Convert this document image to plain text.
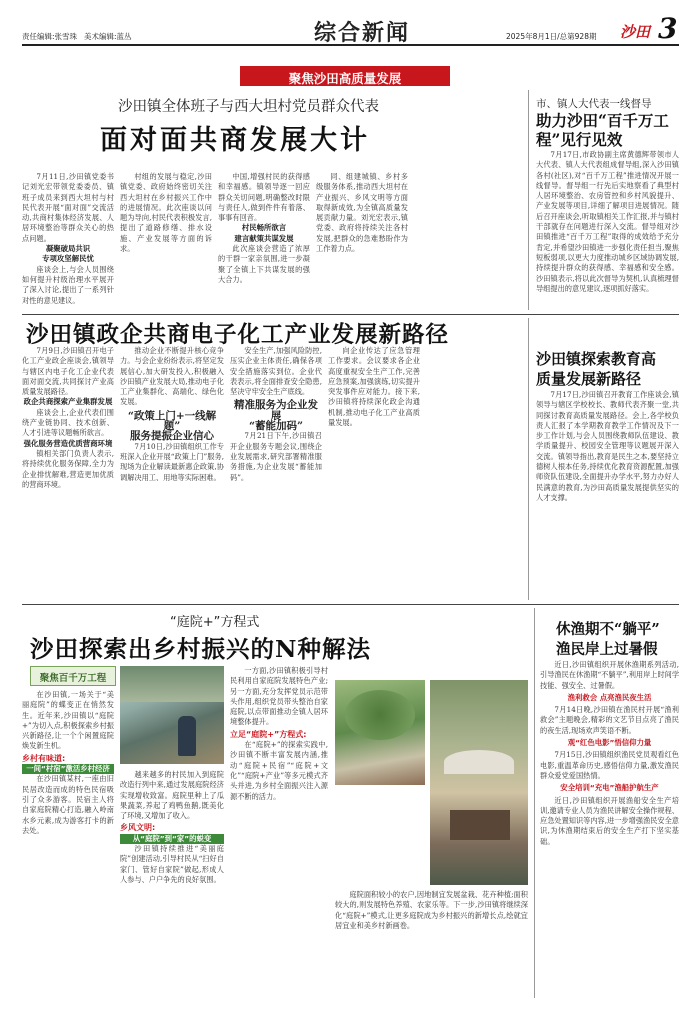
责任编辑:张雪珠 美术编辑:蓝丛	综合新闻	2025年8月1日/总第928期 沙田 3
聚焦沙田高质量发展
沙田镇全体班子与西大坦村党员群众代表
面对面共商发展大计

7月11日,沙田镇党委书记刘光宏带领党委委员、镇班子成员来到西大坦村与村民代表开展“面对面”交流活动,共商村集体经济发展、人居环境整治等群众关心的热点问题。

凝聚破局共识
专项攻坚解民忧

座谈会上,与会人员围绕如何提升村级治理水平展开了深入讨论,提出了一系列针对性的意见建议。

村组的发展与稳定,沙田镇党委、政府始终密切关注西大坦村在乡村振兴工作中的进展情况。此次座谈以问题为导向,村民代表积极发言,提出了道路修缮、排水设施、产业发展等方面的诉求。

中国,增强村民的获得感和幸福感。镇领导逐一回应群众关切问题,明确整改时限与责任人,做到件件有着落、事事有回音。

村民畅所欲言
建言献策共谋发展

此次座谈会营造了浓厚的干群一家亲氛围,进一步凝聚了全镇上下共谋发展的强大合力。

同、组建城镇、乡村多级服务体系,推动西大坦村在产业振兴、乡风文明等方面取得新成效,为全镇高质量发展贡献力量。刘光宏表示,镇党委、政府将持续关注各村发展,把群众的急难愁盼作为工作着力点。

市、镇人大代表一线督导
助力沙田“百千万工
程”见行见效

7月17日,市政协副主席黄德辉带领市人大代表、镇人大代表组成督导组,深入沙田镇各村(社区),对“百千万工程”推进情况开展一线督导。督导组一行先后实地察看了典型村人居环境整治、农房管控和乡村风貌提升、产业发展等项目,详细了解项目进展情况。随后召开座谈会,听取镇相关工作汇报,并与镇村干部就存在问题进行深入交流。督导组对沙田镇推进“百千万工程”取得的成效给予充分肯定,并希望沙田镇进一步强化责任担当,聚焦短板弱项,以更大力度推动城乡区域协调发展,持续提升群众的获得感、幸福感和安全感。沙田镇表示,将以此次督导为契机,认真梳理督导组提出的意见建议,逐项抓好落实。

沙田镇政企共商电子化工产业发展新路径

7月9日,沙田镇召开电子化工产业政企座谈会,镇领导与辖区内电子化工企业代表面对面交流,共同探讨产业高质量发展路径。

政企共商探索产业集群发展

座谈会上,企业代表们围绕产业链协同、技术创新、人才引进等议题畅所欲言。

强化服务营造优质营商环境

镇相关部门负责人表示,将持续优化服务保障,全力为企业排忧解难,营造更加优质的营商环境。

推动企业不断提升核心竞争力。与会企业纷纷表示,将坚定发展信心,加大研发投入,积极融入沙田镇产业发展大局,推动电子化工产业集群化、高端化、绿色化发展。

“政策上门+一线解题”
服务提振企业信心

7月10日,沙田镇组织工作专班深入企业开展“政策上门”服务,现场为企业解读最新惠企政策,协调解决用工、用地等实际困难。

安全生产,加强风险防控,压实企业主体责任,确保各项安全措施落实到位。企业代表表示,将全面排查安全隐患,坚决守牢安全生产底线。

精准服务为企业发展
“蓄能加码”

7月21日下午,沙田镇召开企业服务专题会议,围绕企业发展需求,研究部署精准服务措施,为企业发展“蓄能加码”。

向企业传达了应急管理工作要求。会议要求各企业高度重视安全生产工作,完善应急预案,加强演练,切实提升突发事件应对能力。接下来,沙田镇将持续深化政企沟通机制,推动电子化工产业高质量发展。

沙田镇探索教育高
质量发展新路径

7月17日,沙田镇召开教育工作座谈会,镇领导与辖区学校校长、教师代表齐聚一堂,共同探讨教育高质量发展路径。会上,各学校负责人汇报了本学期教育教学工作情况及下一步工作计划,与会人员围绕教师队伍建设、教学质量提升、校园安全管理等议题展开深入交流。镇领导指出,教育是民生之本,要坚持立德树人根本任务,持续优化教育资源配置,加强师资队伍建设,全面提升办学水平,努力办好人民满意的教育,为沙田高质量发展提供坚实的人才支撑。

“庭院+”方程式
沙田探索出乡村振兴的N种解法
聚焦百千万工程

在沙田镇,一场关于“美丽庭院”的蝶变正在悄然发生。近年来,沙田镇以“庭院+”为切入点,积极探索乡村振兴新路径,让一个个闲置庭院焕发新生机。

乡村有味道:
一间“村宿”激活乡村经济

在沙田镇某村,一座由旧民居改造而成的特色民宿吸引了众多游客。民宿主人将自家庭院精心打造,融入岭南水乡元素,成为游客打卡的新去处。

越来越多的村民加入到庭院改造行列中来,通过发展庭院经济实现增收致富。庭院里种上了瓜果蔬菜,养起了鸡鸭鱼鹅,既美化了环境,又增加了收入。

乡风文明:
从“庭院”到“家”的蜕变

沙田镇持续推进“美丽庭院”创建活动,引导村民从“扫好自家门、管好自家院”做起,形成人人参与、户户争先的良好氛围。

一方面,沙田镇积极引导村民利用自家庭院发展特色产业;另一方面,充分发挥党员示范带头作用,组织党员带头整治自家庭院,以点带面推动全镇人居环境整体提升。

立足“庭院+”方程式:

在“庭院+”的探索实践中,沙田镇不断丰富发展内涵,推动“庭院+民宿”“庭院+文化”“庭院+产业”等多元模式齐头并进,为乡村全面振兴注入源源不断的活力。

庭院面积较小的农户,因地制宜发展盆栽、花卉种植;面积较大的,则发展特色养殖、农家乐等。下一步,沙田镇将继续深化“庭院+”模式,让更多庭院成为乡村振兴的新增长点,绘就宜居宜业和美乡村新画卷。

休渔期不“躺平”
渔民岸上过暑假

近日,沙田镇组织开展休渔期系列活动,引导渔民在休渔期“不躺平”,利用岸上时间学技能、强安全、过暑假。

渔利救会 点亮渔民夜生活

7月14日晚,沙田镇在渔民村开展“渔利救会”主题晚会,精彩的文艺节目点亮了渔民的夜生活,现场欢声笑语不断。

观“红色电影”悟信仰力量

7月15日,沙田镇组织渔民党员观看红色电影,重温革命历史,感悟信仰力量,激发渔民群众爱党爱国热情。

安全培训“充电”渔船护航生产

近日,沙田镇组织开展渔船安全生产培训,邀请专业人员为渔民讲解安全操作规程、应急处置知识等内容,进一步增强渔民安全意识,为休渔期结束后的安全生产打下坚实基础。
